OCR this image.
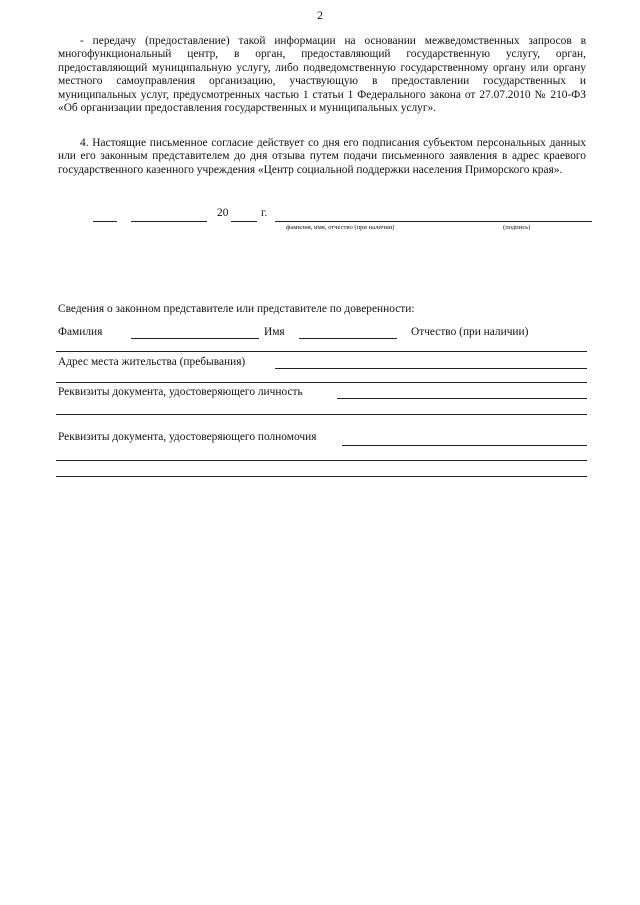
2

- передачу (предоставление) такой информации на основании межведомственных запросов в многофункциональный центр, в орган, предоставляющий государственную услугу, орган, предоставляющий муниципальную услугу, либо подведомственную государственному органу или органу местного самоуправления организацию, участвующую в предоставлении государственных и муниципальных услуг, предусмотренных частью 1 статьи 1 Федерального закона от 27.07.2010 № 210-ФЗ «Об организации предоставления государственных и муниципальных услуг».

4. Настоящие письменное согласие действует со дня его подписания субъектом персональных данных или его законным представителем до дня отзыва путем подачи письменного заявления в адрес краевого государственного казенного учреждения «Центр социальной поддержки населения Приморского края».

20	г.
фамилия, имя, отчество (при наличии)	(подпись)
Сведения о законном представителе или представителе по доверенности:
Фамилия	Имя	Отчество (при наличии)
Адрес места жительства (пребывания)
Реквизиты документа, удостоверяющего личность
Реквизиты документа, удостоверяющего полномочия
